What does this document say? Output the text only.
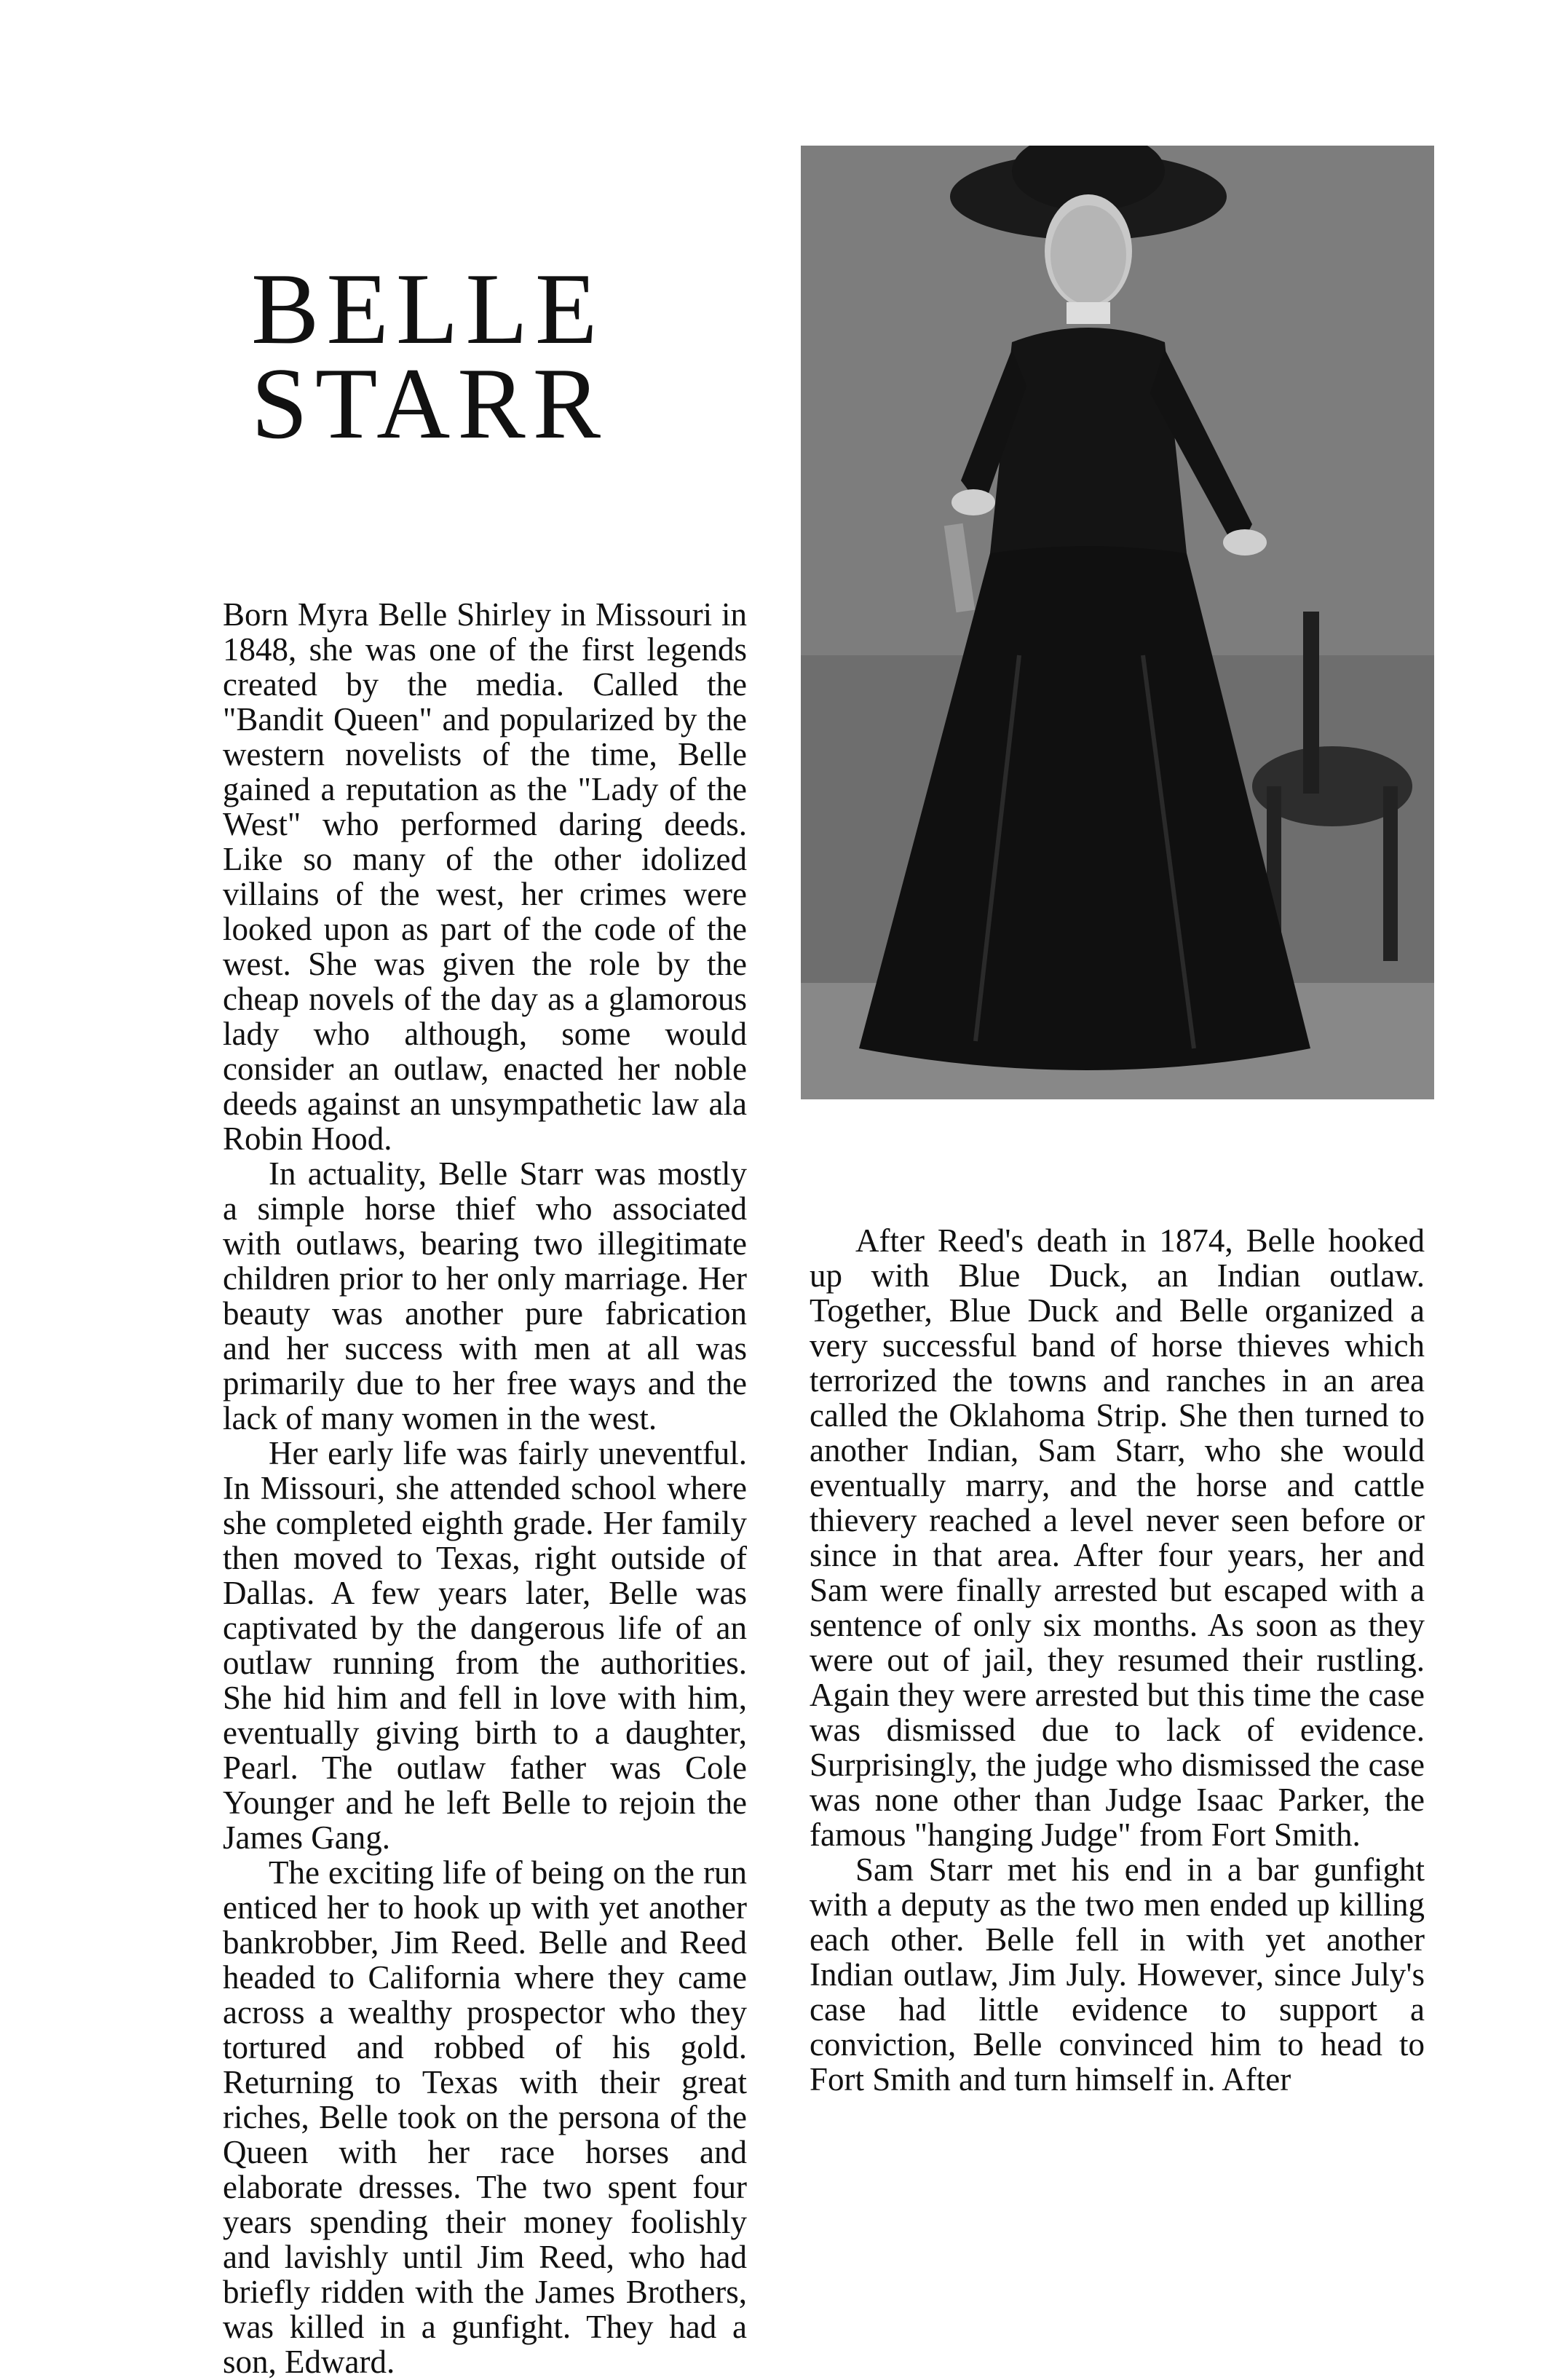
BELLE
STARR

Born Myra Belle Shirley in Missouri in 1848, she was one of the first legends created by the media. Called the "Bandit Queen" and popularized by the western novelists of the time, Belle gained a reputation as the "Lady of the West" who performed daring deeds. Like so many of the other idolized villains of the west, her crimes were looked upon as part of the code of the west. She was given the role by the cheap novels of the day as a glamorous lady who although, some would consider an outlaw, enacted her noble deeds against an unsympathetic law ala Robin Hood.

In actuality, Belle Starr was mostly a simple horse thief who associated with outlaws, bearing two illegitimate children prior to her only marriage. Her beauty was another pure fabrication and her success with men at all was primarily due to her free ways and the lack of many women in the west.

Her early life was fairly uneventful. In Missouri, she attended school where she completed eighth grade. Her family then moved to Texas, right outside of Dallas. A few years later, Belle was captivated by the dangerous life of an outlaw running from the authorities. She hid him and fell in love with him, eventually giving birth to a daughter, Pearl. The outlaw father was Cole Younger and he left Belle to rejoin the James Gang.

The exciting life of being on the run enticed her to hook up with yet another bankrobber, Jim Reed. Belle and Reed headed to California where they came across a wealthy prospector who they tortured and robbed of his gold. Returning to Texas with their great riches, Belle took on the persona of the Queen with her race horses and elaborate dresses. The two spent four years spending their money foolishly and lavishly until Jim Reed, who had briefly ridden with the James Brothers, was killed in a gunfight. They had a son, Edward.

After Reed's death in 1874, Belle hooked up with Blue Duck, an Indian outlaw. Together, Blue Duck and Belle organized a very successful band of horse thieves which terrorized the towns and ranches in an area called the Oklahoma Strip. She then turned to another Indian, Sam Starr, who she would eventually marry, and the horse and cattle thievery reached a level never seen before or since in that area. After four years, her and Sam were finally arrested but escaped with a sentence of only six months. As soon as they were out of jail, they resumed their rustling. Again they were arrested but this time the case was dismissed due to lack of evidence. Surprisingly, the judge who dismissed the case was none other than Judge Isaac Parker, the famous "hanging Judge" from Fort Smith.

Sam Starr met his end in a bar gunfight with a deputy as the two men ended up killing each other. Belle fell in with yet another Indian outlaw, Jim July. However, since July's case had little evidence to support a conviction, Belle convinced him to head to Fort Smith and turn himself in. After
